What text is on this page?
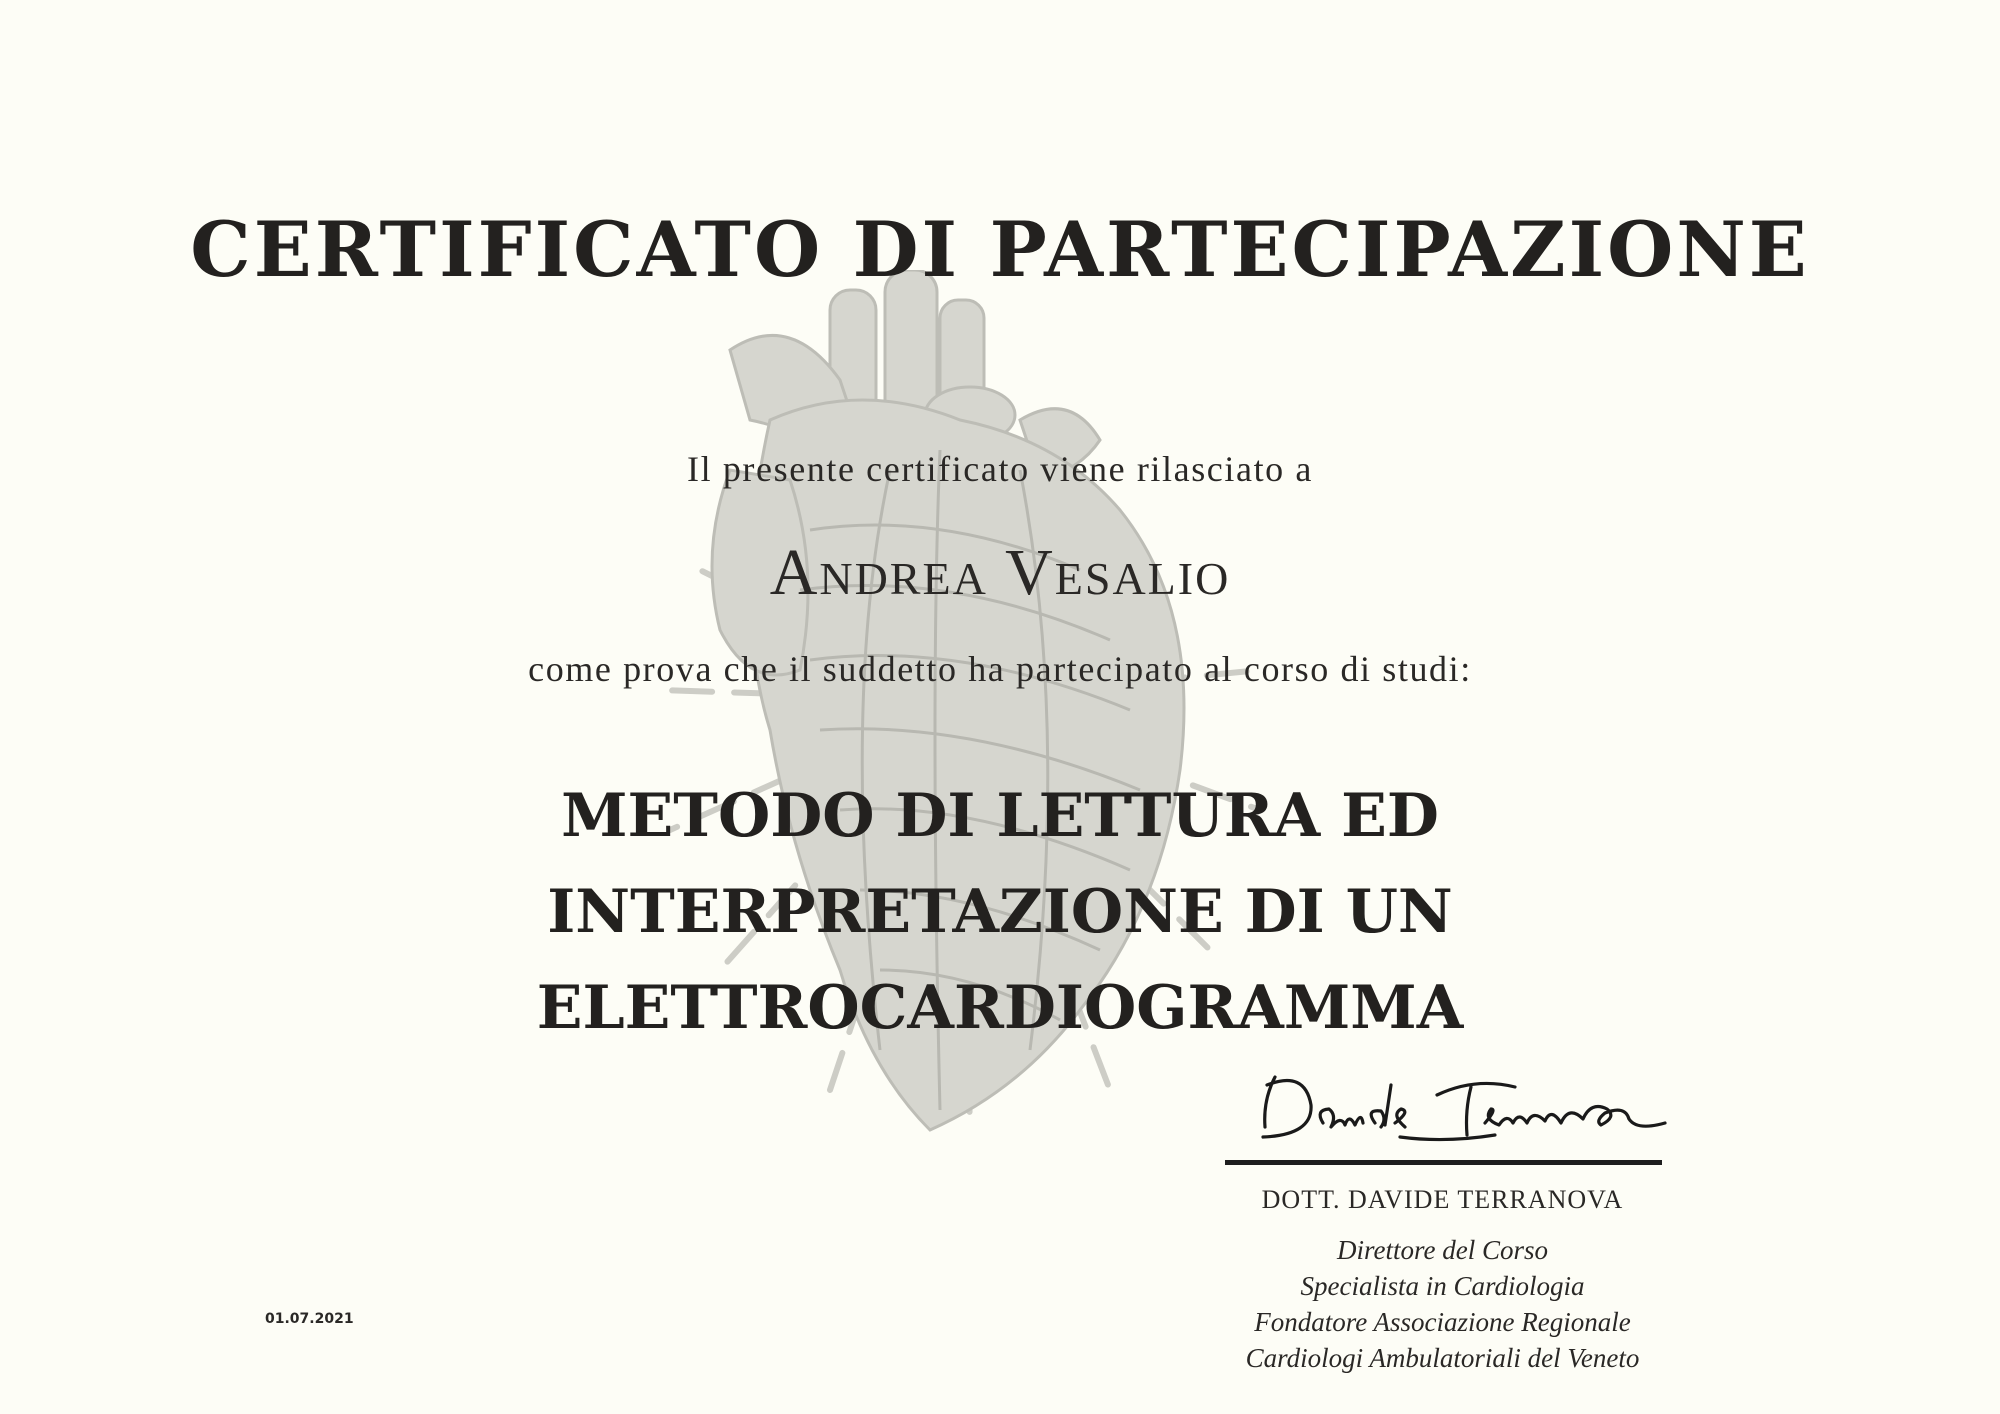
CERTIFICATO DI PARTECIPAZIONE
Il presente certificato viene rilasciato a
Andrea Vesalio
come prova che il suddetto ha partecipato al corso di studi:
METODO DI LETTURA ED
INTERPRETAZIONE DI UN
ELETTROCARDIOGRAMMA
DOTT. DAVIDE TERRANOVA
Direttore del Corso
Specialista in Cardiologia
Fondatore Associazione Regionale
Cardiologi Ambulatoriali del Veneto
01.07.2021
